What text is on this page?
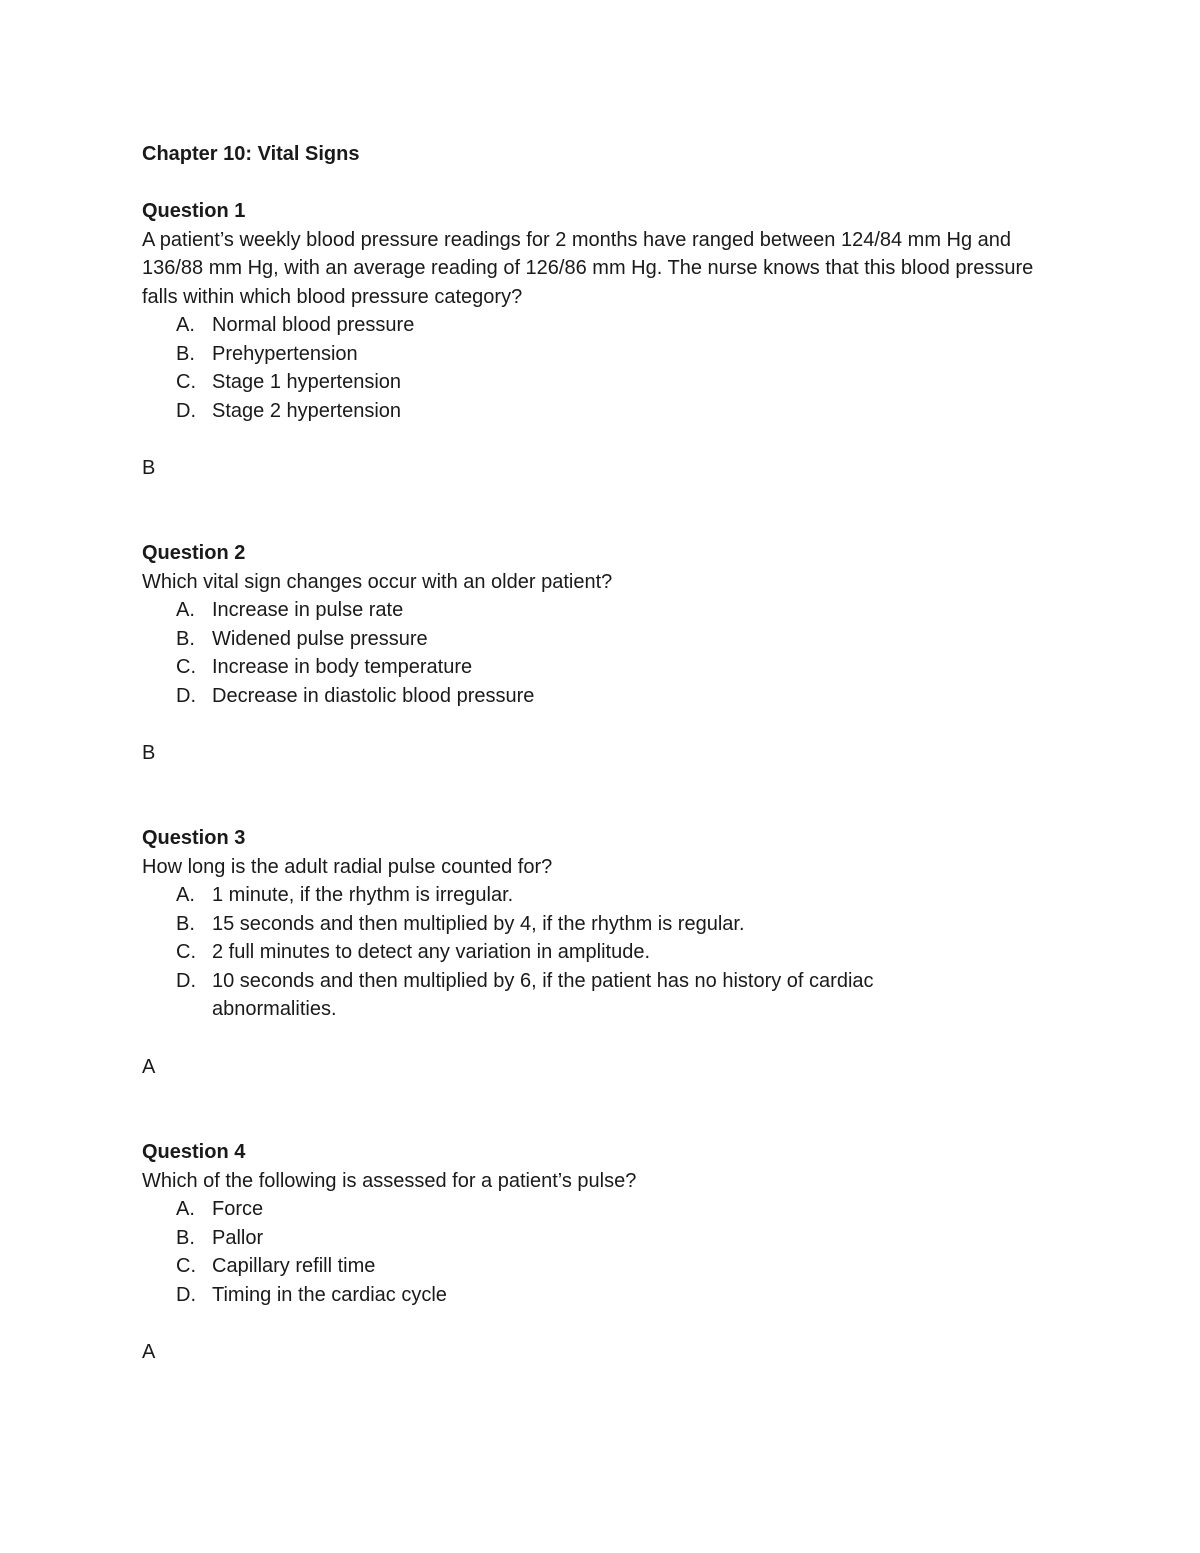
Chapter 10: Vital Signs

Question 1

A patient’s weekly blood pressure readings for 2 months have ranged between 124/84 mm Hg and 136/88 mm Hg, with an average reading of 126/86 mm Hg. The nurse knows that this blood pressure falls within which blood pressure category?

A. Normal blood pressure
B. Prehypertension
C. Stage 1 hypertension
D. Stage 2 hypertension

B

Question 2

Which vital sign changes occur with an older patient?

A. Increase in pulse rate
B. Widened pulse pressure
C. Increase in body temperature
D. Decrease in diastolic blood pressure

B

Question 3

How long is the adult radial pulse counted for?

A. 1 minute, if the rhythm is irregular.
B. 15 seconds and then multiplied by 4, if the rhythm is regular.
C. 2 full minutes to detect any variation in amplitude.
D. 10 seconds and then multiplied by 6, if the patient has no history of cardiac abnormalities.

A

Question 4

Which of the following is assessed for a patient’s pulse?

A. Force
B. Pallor
C. Capillary refill time
D. Timing in the cardiac cycle

A
